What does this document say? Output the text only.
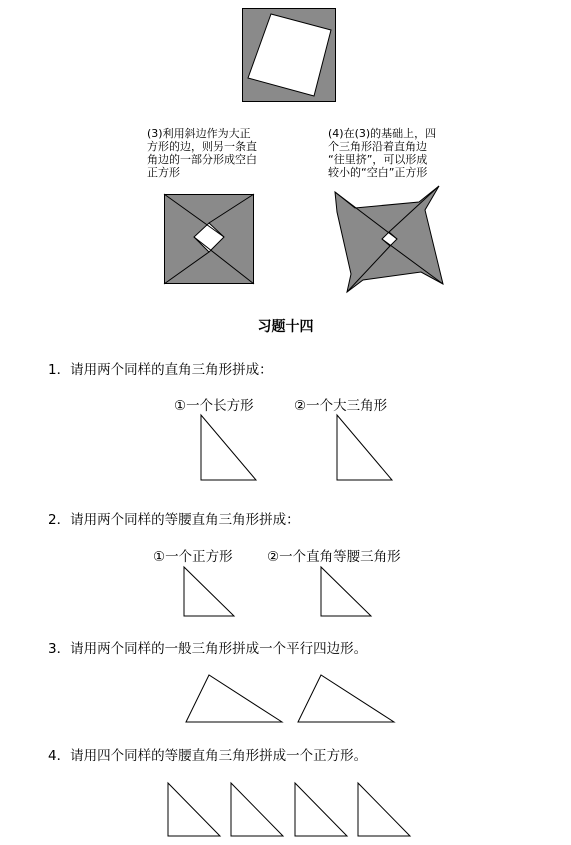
(3)利用斜边作为大正
方形的边，则另一条直
角边的一部分形成空白
正方形
(4)在(3)的基础上，四
个三角形沿着直角边
“往里挤”，可以形成
较小的“空白”正方形
习题十四
1．请用两个同样的直角三角形拼成：
①一个长方形	②一个大三角形
2．请用两个同样的等腰直角三角形拼成：
①一个正方形	②一个直角等腰三角形
3．请用两个同样的一般三角形拼成一个平行四边形。
4．请用四个同样的等腰直角三角形拼成一个正方形。
